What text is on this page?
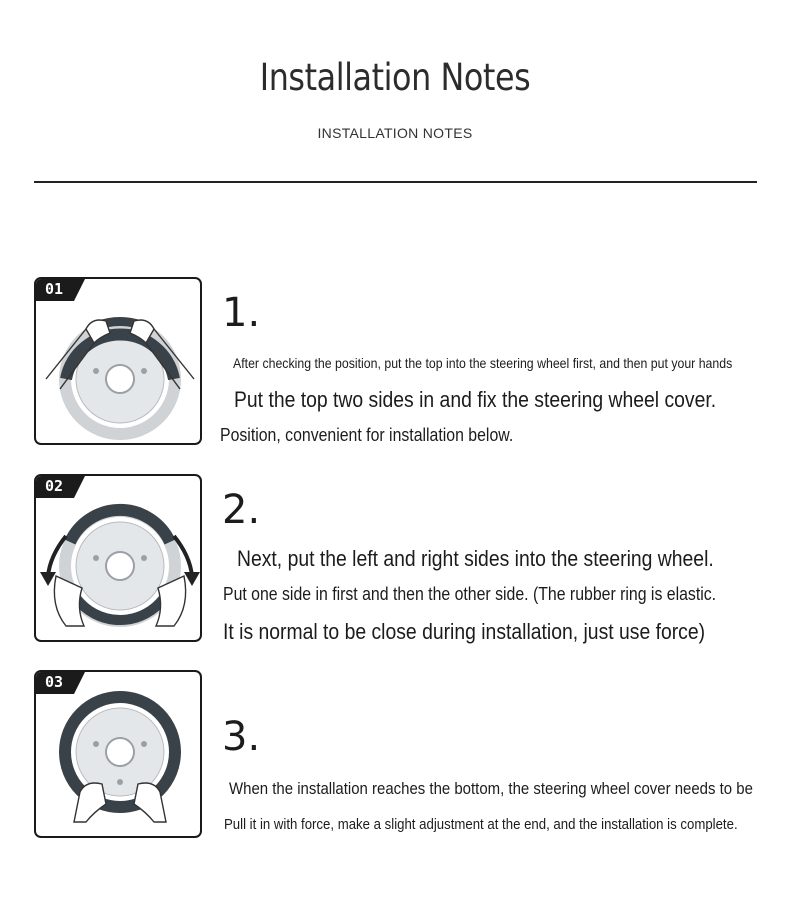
Installation Notes
INSTALLATION NOTES
01
1.
After checking the position, put the top into the steering wheel first, and then put your hands
Put the top two sides in and fix the steering wheel cover.
Position, convenient for installation below.
02
2.
Next, put the left and right sides into the steering wheel.
Put one side in first and then the other side. (The rubber ring is elastic.
It is normal to be close during installation, just use force)
03
3.
When the installation reaches the bottom, the steering wheel cover needs to be
Pull it in with force, make a slight adjustment at the end, and the installation is complete.
